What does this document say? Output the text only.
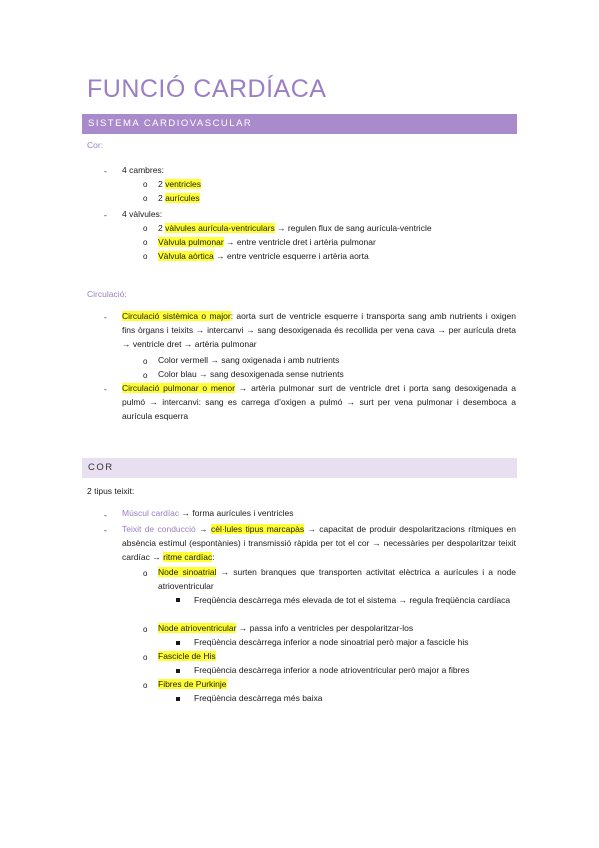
FUNCIÓ CARDÍACA
SISTEMA CARDIOVASCULAR
Cor:
- 4 cambres:
o 2 ventricles
o 2 aurícules
- 4 vàlvules:
o 2 vàlvules aurícula-ventriculars → regulen flux de sang aurícula-ventricle
o Vàlvula pulmonar → entre ventricle dret i artèria pulmonar
o Vàlvula aòrtica → entre ventricle esquerre i artèria aorta
Circulació:
- Circulació sistèmica o major: aorta surt de ventricle esquerre i transporta sang amb nutrients i oxigen fins òrgans i teixits → intercanvi → sang desoxigenada és recollida per vena cava → per aurícula dreta → ventricle dret → artèria pulmonar
o Color vermell → sang oxigenada i amb nutrients
o Color blau → sang desoxigenada sense nutrients
- Circulació pulmonar o menor → artèria pulmonar surt de ventricle dret i porta sang desoxigenada a pulmó → intercanvi: sang es carrega d’oxigen a pulmó → surt per vena pulmonar i desemboca a aurícula esquerra
COR
2 tipus teixit:
- Múscul cardíac → forma aurícules i ventricles
- Teixit de conducció → cèl·lules tipus marcapàs → capacitat de produir despolaritzacions rítmiques en absència estímul (espontànies) i transmissió ràpida per tot el cor → necessàries per despolaritzar teixit cardíac → ritme cardíac:
o Node sinoatrial → surten branques que transporten activitat elèctrica a aurícules i a node atrioventricular
Freqüència descàrrega més elevada de tot el sistema → regula freqüència cardíaca
o Node atrioventricular → passa info a ventricles per despolaritzar-los
Freqüència descàrrega inferior a node sinoatrial però major a fascicle his
o Fascicle de His
Freqüència descàrrega inferior a node atrioventricular però major a fibres
o Fibres de Purkinje
Freqüència descàrrega més baixa
